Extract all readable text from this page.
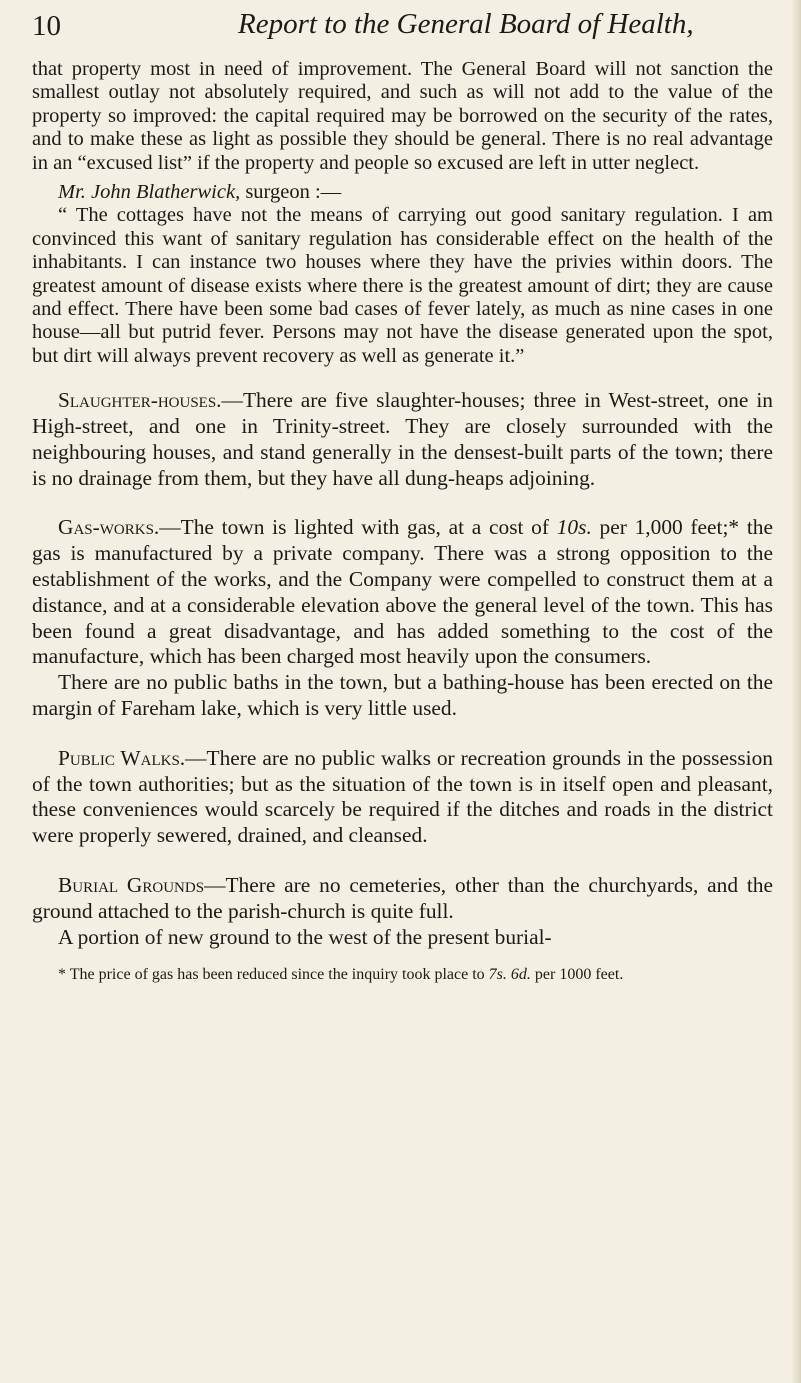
10	Report to the General Board of Health,

that property most in need of improvement. The General Board will not sanction the smallest outlay not absolutely required, and such as will not add to the value of the property so improved: the capital required may be borrowed on the security of the rates, and to make these as light as possible they should be general. There is no real advantage in an “excused list” if the property and people so excused are left in utter neglect.

Mr. John Blatherwick, surgeon :—

“ The cottages have not the means of carrying out good sanitary regulation. I am convinced this want of sanitary regulation has considerable effect on the health of the inhabitants. I can instance two houses where they have the privies within doors. The greatest amount of disease exists where there is the greatest amount of dirt; they are cause and effect. There have been some bad cases of fever lately, as much as nine cases in one house—all but putrid fever. Persons may not have the disease generated upon the spot, but dirt will always prevent recovery as well as generate it.”

Slaughter-houses.—There are five slaughter-houses; three in West-street, one in High-street, and one in Trinity-street. They are closely surrounded with the neighbouring houses, and stand generally in the densest-built parts of the town; there is no drainage from them, but they have all dung-heaps adjoining.

Gas-works.—The town is lighted with gas, at a cost of 10s. per 1,000 feet;* the gas is manufactured by a private company. There was a strong opposition to the establishment of the works, and the Company were compelled to construct them at a distance, and at a considerable elevation above the general level of the town. This has been found a great disadvantage, and has added something to the cost of the manufacture, which has been charged most heavily upon the consumers.

There are no public baths in the town, but a bathing-house has been erected on the margin of Fareham lake, which is very little used.

Public Walks.—There are no public walks or recreation grounds in the possession of the town authorities; but as the situation of the town is in itself open and pleasant, these conveniences would scarcely be required if the ditches and roads in the district were properly sewered, drained, and cleansed.

Burial Grounds—There are no cemeteries, other than the churchyards, and the ground attached to the parish-church is quite full.

A portion of new ground to the west of the present burial-

* The price of gas has been reduced since the inquiry took place to 7s. 6d. per 1000 feet.
